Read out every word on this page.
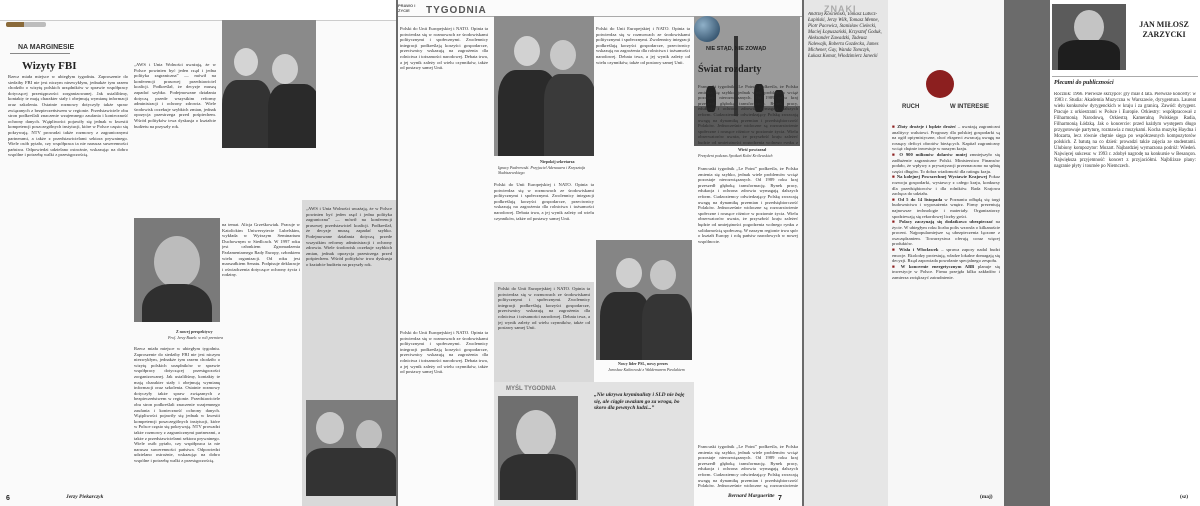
NA MARGINESIE
Wizyty FBI
Rzecz miała miejsce w ubiegłym tygodniu. Zaproszenie do siedziby FBI nie jest niczym niezwykłym, jednakże tym razem chodziło o wizytę polskich urzędników w sprawie współpracy dotyczącej przestępczości zorganizowanej. Jak ustaliliśmy, kontakty te mają charakter stały i obejmują wymianę informacji oraz szkolenia. Ostatnie rozmowy dotyczyły także spraw związanych z bezpieczeństwem w regionie. Przedstawiciele obu stron podkreślali znaczenie wzajemnego zaufania i konieczność ochrony danych. Wątpliwości pojawiły się jednak w kwestii kompetencji poszczególnych instytucji, które w Polsce często się pokrywają. NTV prowadzi także rozmowy z zagranicznymi partnerami, a także z przedstawicielami sektora prywatnego. Wiele osób pytało, czy współpraca ta nie narusza suwerenności państwa. Odpowiedzi udzielano ostrożnie, wskazując na dobro wspólne i potrzebę walki z przestępczością.
Jerzy Piekarczyk
6
„AWS i Unia Wolności uważają, że w Polsce powinien być jeden rząd i jedna polityka zagraniczna” — mówił na konferencji prasowej przedstawiciel koalicji. Podkreślał, że decyzje muszą zapadać szybko. Podejmowane działania dotyczą przede wszystkim reformy administracji i ochrony zdrowia. Wiele środowisk oczekuje szybkich zmian, jednak opozycja przestrzega przed pośpiechem. Wśród polityków trwa dyskusja o kształcie budżetu na przyszły rok.
Z nowej perspektywy
Prof. Jerzy Buzek: w roli premiera
Rzecz miała miejsce w ubiegłym tygodniu. Zaproszenie do siedziby FBI nie jest niczym niezwykłym, jednakże tym razem chodziło o wizytę polskich urzędników w sprawie współpracy dotyczącej przestępczości zorganizowanej. Jak ustaliliśmy, kontakty te mają charakter stały i obejmują wymianę informacji oraz szkolenia. Ostatnie rozmowy dotyczyły także spraw związanych z bezpieczeństwem w regionie. Przedstawiciele obu stron podkreślali znaczenie wzajemnego zaufania i konieczność ochrony danych. Wątpliwości pojawiły się jednak w kwestii kompetencji poszczególnych instytucji, które w Polsce często się pokrywają. NTV prowadzi także rozmowy z zagranicznymi partnerami, a także z przedstawicielami sektora prywatnego. Wiele osób pytało, czy współpraca ta nie narusza suwerenności państwa. Odpowiedzi udzielano ostrożnie, wskazując na dobro wspólne i potrzebę walki z przestępczością.
„AWS i Unia Wolności uważają, że w Polsce powinien być jeden rząd i jedna polityka zagraniczna” — mówił na konferencji prasowej przedstawiciel koalicji. Podkreślał, że decyzje muszą zapadać szybko. Podejmowane działania dotyczą przede wszystkim reformy administracji i ochrony zdrowia. Wiele środowisk oczekuje szybkich zmian, jednak opozycja przestrzega przed pośpiechem. Wśród polityków trwa dyskusja o kształcie budżetu na przyszły rok.
na temat. Alicja Grześkowiak. Pracuje w Katolickim Uniwersytecie Lubelskim, wykłada w Wyższym Seminarium Duchownym w Siedlcach. W 1997 roku jest członkiem Zgromadzenia Parlamentarnego Rady Europy, członkiem wielu organizacji. Od roku jest marszałkiem Senatu. Podpisuje deklaracje i oświadczenia dotyczące ochrony życia i rodziny.
PRAWO I ŻYCIE	TYGODNIA
Polski do Unii Europejskiej i NATO. Opinia ta potwierdza się w rozmowach ze środowiskami politycznymi i społecznymi. Zwolennicy integracji podkreślają korzyści gospodarcze, przeciwnicy wskazują na zagrożenia dla rolnictwa i tożsamości narodowej. Debata trwa, a jej wynik zależy od wielu czynników, także od postawy samej Unii.
Polski do Unii Europejskiej i NATO. Opinia ta potwierdza się w rozmowach ze środowiskami politycznymi i społecznymi. Zwolennicy integracji podkreślają korzyści gospodarcze, przeciwnicy wskazują na zagrożenia dla rolnictwa i tożsamości narodowej. Debata trwa, a jej wynik zależy od wielu czynników, także od postawy samej Unii.
Niepokój sekretarza
Ignacy Paderewski. Przyjaciel Adenauera i Krzysztofa Skubiszewskiego
Polski do Unii Europejskiej i NATO. Opinia ta potwierdza się w rozmowach ze środowiskami politycznymi i społecznymi. Zwolennicy integracji podkreślają korzyści gospodarcze, przeciwnicy wskazują na zagrożenia dla rolnictwa i tożsamości narodowej. Debata trwa, a jej wynik zależy od wielu czynników, także od postawy samej Unii.
Polski do Unii Europejskiej i NATO. Opinia ta potwierdza się w rozmowach ze środowiskami politycznymi i społecznymi. Zwolennicy integracji podkreślają korzyści gospodarcze, przeciwnicy wskazują na zagrożenia dla rolnictwa i tożsamości narodowej. Debata trwa, a jej wynik zależy od wielu czynników, także od postawy samej Unii.
Polski do Unii Europejskiej i NATO. Opinia ta potwierdza się w rozmowach ze środowiskami politycznymi i społecznymi. Zwolennicy integracji podkreślają korzyści gospodarcze, przeciwnicy wskazują na zagrożenia dla rolnictwa i tożsamości narodowej. Debata trwa, a jej wynik zależy od wielu czynników, także od postawy samej Unii.
NIE STĄD, NIE ZOWĄD
Wieść powtarzał
Prezydent podczas Spotkań Kolni Królewskich
Świat rozdarty
Francuski tygodnik „Le Point” podkreśla, że Polska zmienia się szybko, jednak wiele problemów wciąż pozostaje nierozwiązanych. Od 1989 roku kraj przeszedł głęboką transformację. Rynek pracy, edukacja i ochrona zdrowia wymagają dalszych reform. Cudzoziemcy odwiedzający Polskę zwracają uwagę na dynamikę przemian i przedsiębiorczość Polaków. Jednocześnie widoczne są rozwarstwienie społeczne i rosnące różnice w poziomie życia. Wielu obserwatorów uważa, że przyszłość kraju zależeć będzie od umiejętności pogodzenia wolnego rynku z
Francuski tygodnik „Le Point” podkreśla, że Polska zmienia się szybko, jednak wiele problemów wciąż pozostaje nierozwiązanych. Od 1989 roku kraj przeszedł głęboką transformację. Rynek pracy, edukacja i ochrona zdrowia wymagają dalszych reform. Cudzoziemcy odwiedzający Polskę zwracają uwagę na dynamikę przemian i przedsiębiorczość Polaków. Jednocześnie widoczne są rozwarstwienie społeczne i rosnące różnice w poziomie życia. Wielu obserwatorów uważa, że przyszłość kraju zależeć będzie od umiejętności pogodzenia wolnego rynku z solidarnością społeczną. W naszym regionie trwa spór o kształt Europy i rolę państw narodowych w nowej wspólnocie.
Nowy lider PSL, nowy prezes
Jarosław Kalinowski z Waldemarem Pawlakiem
MYŚL TYGODNIA
„Nie ukrywa kryminalisty i SLD nie boję się, ale ciągle uważam go za wroga, bo skoro dla pewnych ludzi...”
Francuski tygodnik „Le Point” podkreśla, że Polska zmienia się szybko, jednak wiele problemów wciąż pozostaje nierozwiązanych. Od 1989 roku kraj przeszedł głęboką transformację. Rynek pracy, edukacja i ochrona zdrowia wymagają dalszych reform. Cudzoziemcy odwiedzający Polskę zwracają uwagę na dynamikę przemian i przedsiębiorczość Polaków. Jednocześnie widoczne są rozwarstwienie
Bernard Margueritte 7
Andrzej Kościeński, Tomasz Lubicz-Łapiński, Jerzy Wilk, Tomasz Menne, Piotr Pacewicz, Stanisław Cielecki, Maciej Łopuszański, Krzysztof Goduk, Aleksander Zawadzki, Tadeusz Nalewajk, Roberta Gozdecka, James Michener, Gay, Wanda Tomczyk, Łukasz Komar, Włodzimierz Janecki
ZNAKI
RUCH	W INTERESIE
■ Złoty drożeje i będzie drożeć – uważają zagraniczni analitycy walutowi. Prognozy dla polskiej gospodarki są na ogół optymistyczne, choć eksperci zwracają uwagę na rosnący deficyt obrotów bieżących. Kapitał zagraniczny wciąż chętnie inwestuje w naszym kraju.
■ O 900 milionów dolarów mniej zmniejszyło się zadłużenie zagraniczne Polski. Ministerstwo Finansów podało, że wpływy z prywatyzacji przeznaczono na spłatę części długów. To dobra wiadomość dla ratingu kraju.
■ Na kolejnej Powszechnej Wystawie Krajowej Pokaz rozwoju gospodarki, wystawcy z całego kraju, konkursy dla przedsiębiorców i dla rolników. Rada Krajowa zachęca do udziału.
■ Od 5 do 14 listopada w Poznaniu odbędą się targi budownictwa i wyposażenia wnętrz. Firmy prezentują najnowsze technologie i materiały. Organizatorzy spodziewają się rekordowej liczby gości.
■ Polacy zaczynają się dodatkowo ubezpieczać na życie. W ubiegłym roku liczba polis wzrosła o kilkanaście procent. Najpopularniejsze są ubezpieczenia łączone z oszczędzaniem. Towarzystwa oferują coraz więcej produktów.
■ Wisła i Włocławek – sprawa zapory nadal budzi emocje. Ekolodzy protestują, władze lokalne domagają się decyzji. Rząd zapowiada powołanie specjalnego zespołu.
■ W koncernie energetycznym ABB planuje się inwestycje w Polsce. Firma przejęła kilka zakładów i zamierza zwiększyć zatrudnienie.
(maj)
JAN MIŁOSZ ZARZYCKI
Plecami do publiczności
Rocznik: 1966. Pierwsze skrzypce: gry miał 4 lata. Pierwsze koncerty: w 1983 r. Studia: Akademia Muzyczna w Warszawie, dyrygentura. Laureat wielu konkursów dyrygenckich w kraju i za granicą. Zawód: dyrygent. Pracuje z orkiestrami w Polsce i Europie. Orkiestry: współpracował z Filharmonią Narodową, Orkiestrą Kameralną Polskiego Radia, Filharmonią Łódzką. Jak o koncercie: przed każdym występem długo przygotowuje partyturę, rozmawia z muzykami. Kocha muzykę Haydna i Mozarta, lecz równie chętnie sięga po współczesnych kompozytorów polskich. Z batutą na co dzień: prowadzi także zajęcia ze studentami. Ulubiony kompozytor: Mozart. Najbardziej wymarzona podróż: Wiedeń. Najwięcej sukcesu: w 1993 r. zdobył nagrodę na konkursie w Besançon. Największa przyjemność: koncert z przyjaciółmi. Najbliższe plany: nagranie płyty i tournée po Niemczech.
(sz)
